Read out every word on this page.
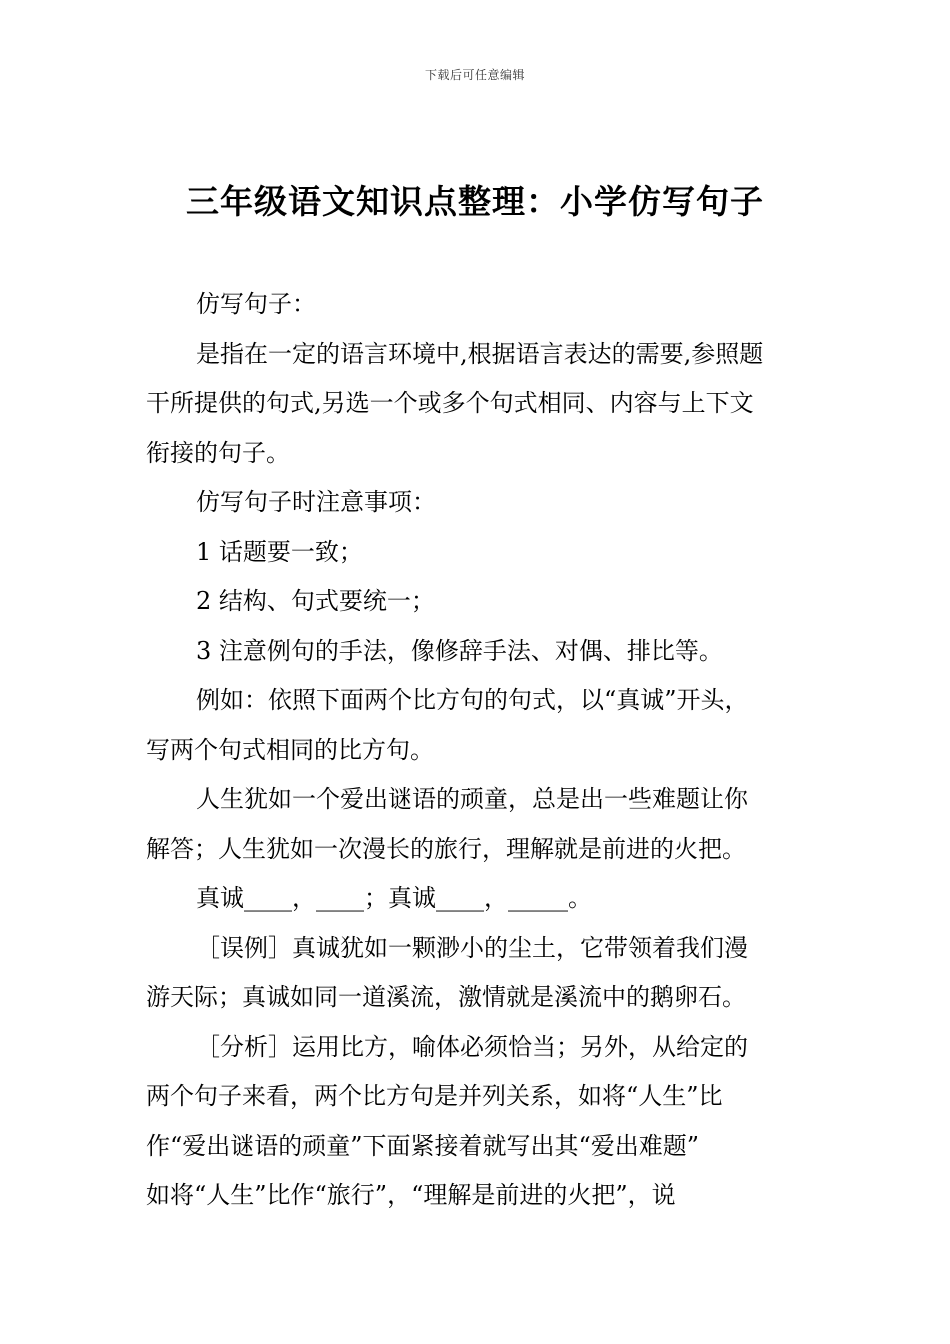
下载后可任意编辑
三年级语文知识点整理：小学仿写句子
仿写句子：
是指在一定的语言环境中,根据语言表达的需要,参照题
干所提供的句式,另选一个或多个句式相同、内容与上下文
衔接的句子。
仿写句子时注意事项：
1 话题要一致；
2 结构、句式要统一；
3 注意例句的手法，像修辞手法、对偶、排比等。
例如：依照下面两个比方句的句式，以“真诚”开头，
写两个句式相同的比方句。
人生犹如一个爱出谜语的顽童，总是出一些难题让你
解答；人生犹如一次漫长的旅行，理解就是前进的火把。
真诚____，____；真诚____，_____。
［误例］真诚犹如一颗渺小的尘土，它带领着我们漫
游天际；真诚如同一道溪流，激情就是溪流中的鹅卵石。
［分析］运用比方，喻体必须恰当；另外，从给定的
两个句子来看，两个比方句是并列关系，如将“人生”比
作“爱出谜语的顽童”下面紧接着就写出其“爱出难题”
如将“人生”比作“旅行”，“理解是前进的火把”，说
